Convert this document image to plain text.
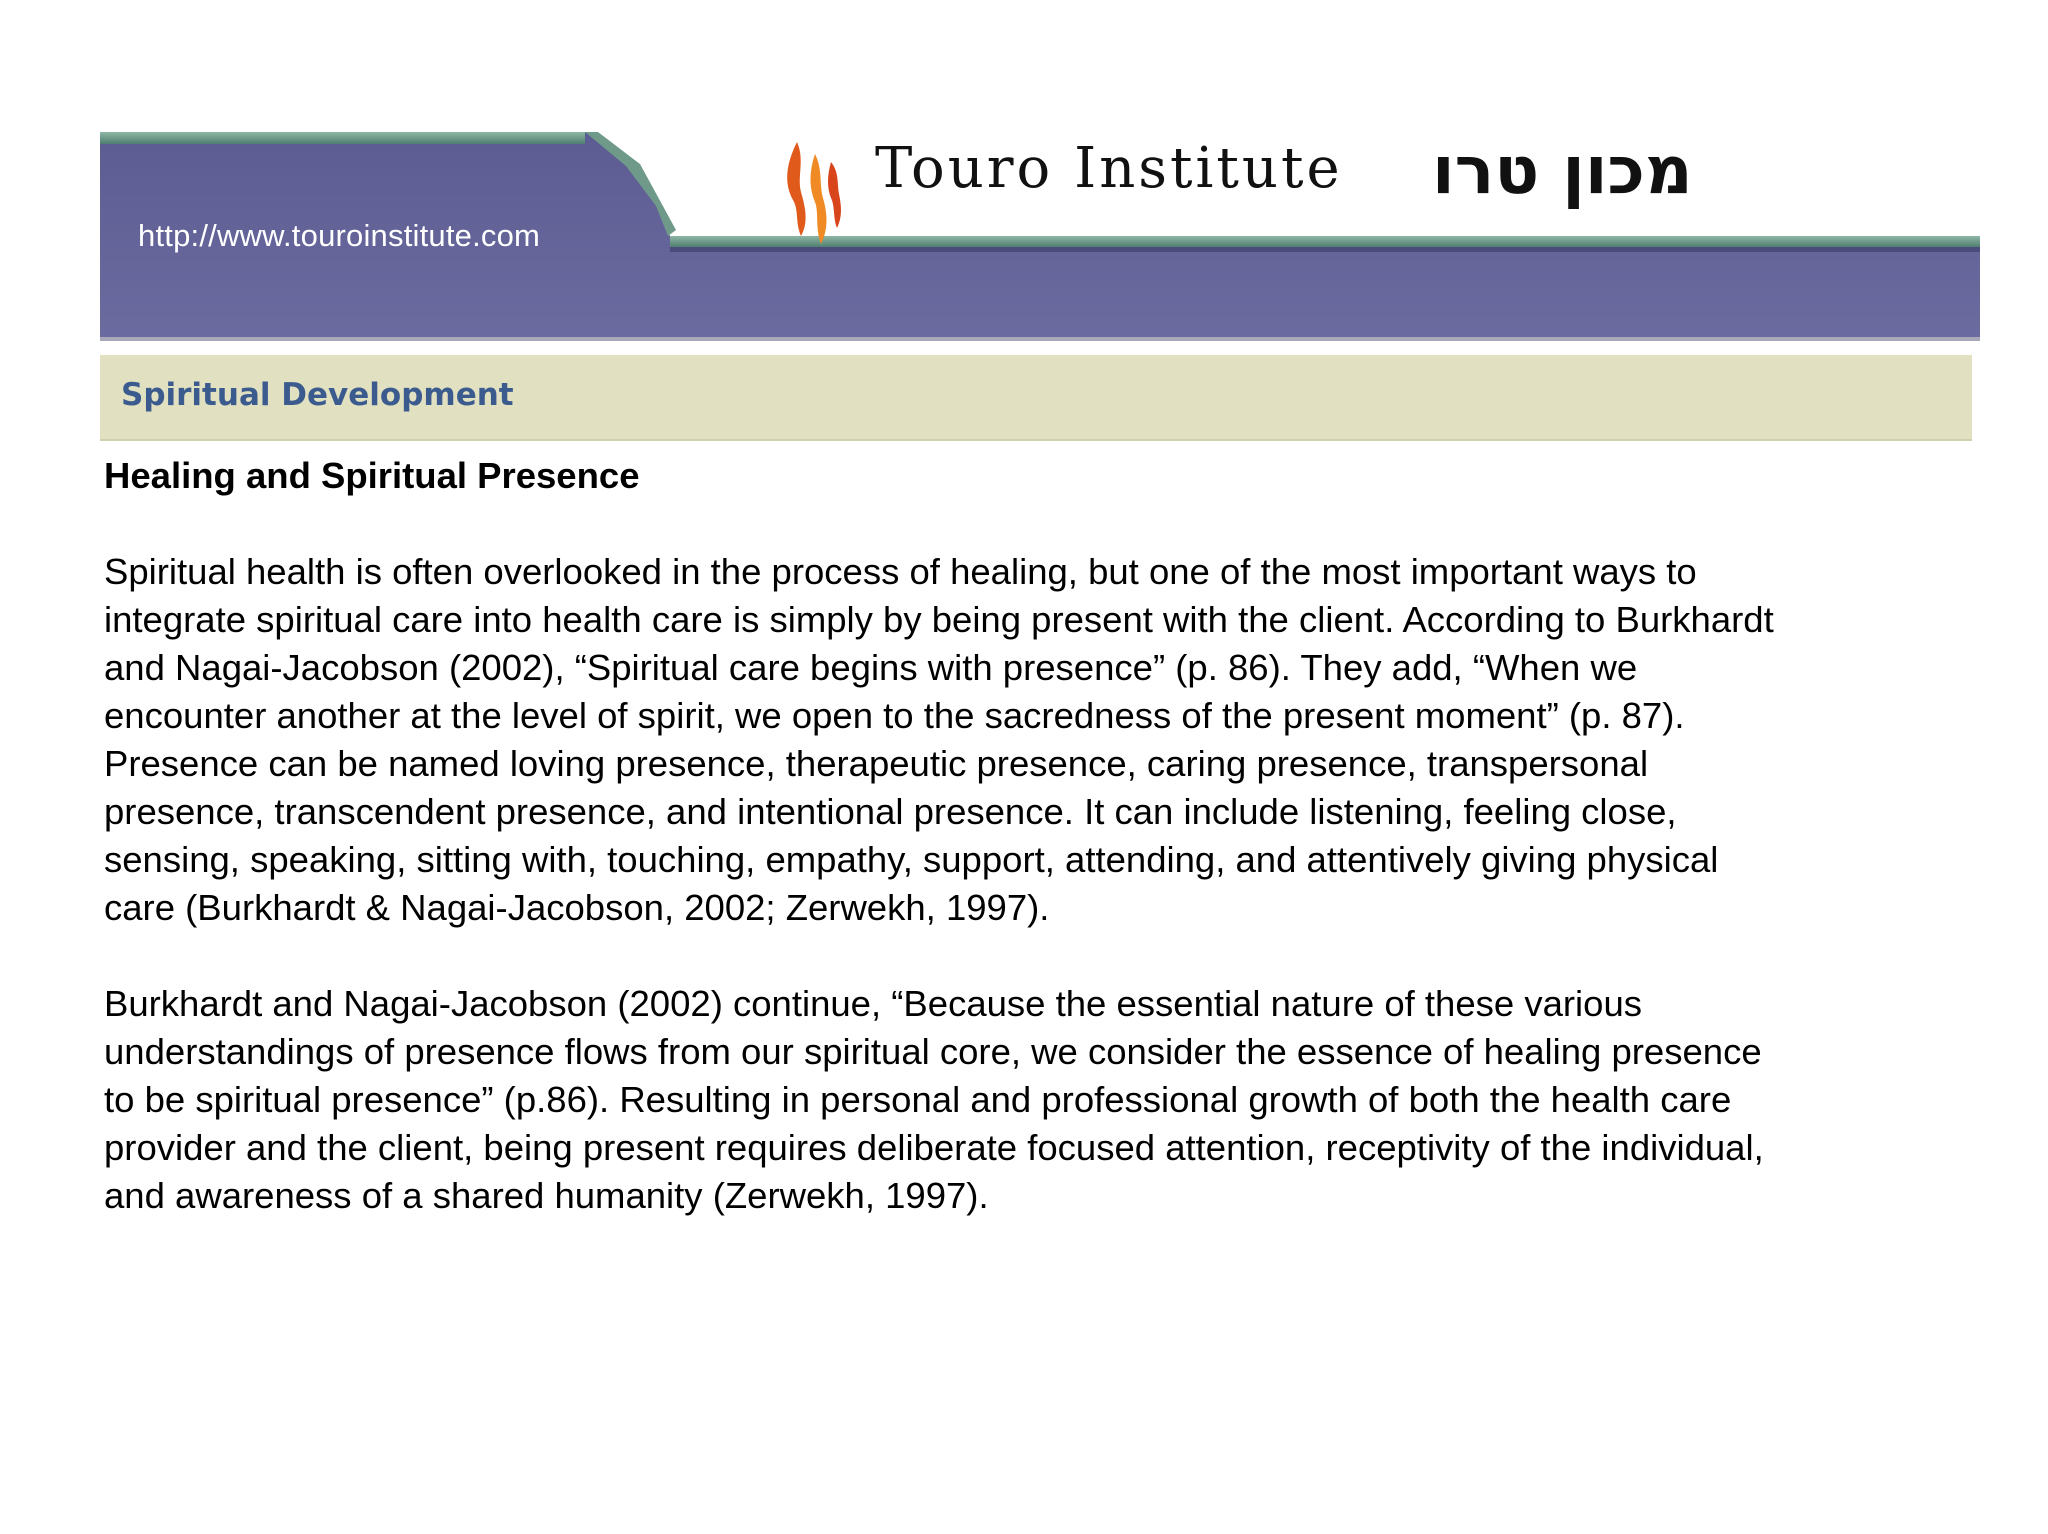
http://www.touroinstitute.com
Touro Institute מכון טרו
Spiritual Development
Healing and Spiritual Presence

Spiritual health is often overlooked in the process of healing, but one of the most important ways to
integrate spiritual care into health care is simply by being present with the client. According to Burkhardt
and Nagai-Jacobson (2002), “Spiritual care begins with presence” (p. 86). They add, “When we
encounter another at the level of spirit, we open to the sacredness of the present moment” (p. 87).
Presence can be named loving presence, therapeutic presence, caring presence, transpersonal
presence, transcendent presence, and intentional presence. It can include listening, feeling close,
sensing, speaking, sitting with, touching, empathy, support, attending, and attentively giving physical
care (Burkhardt & Nagai-Jacobson, 2002; Zerwekh, 1997).

Burkhardt and Nagai-Jacobson (2002) continue, “Because the essential nature of these various
understandings of presence flows from our spiritual core, we consider the essence of healing presence
to be spiritual presence” (p.86). Resulting in personal and professional growth of both the health care
provider and the client, being present requires deliberate focused attention, receptivity of the individual,
and awareness of a shared humanity (Zerwekh, 1997).
